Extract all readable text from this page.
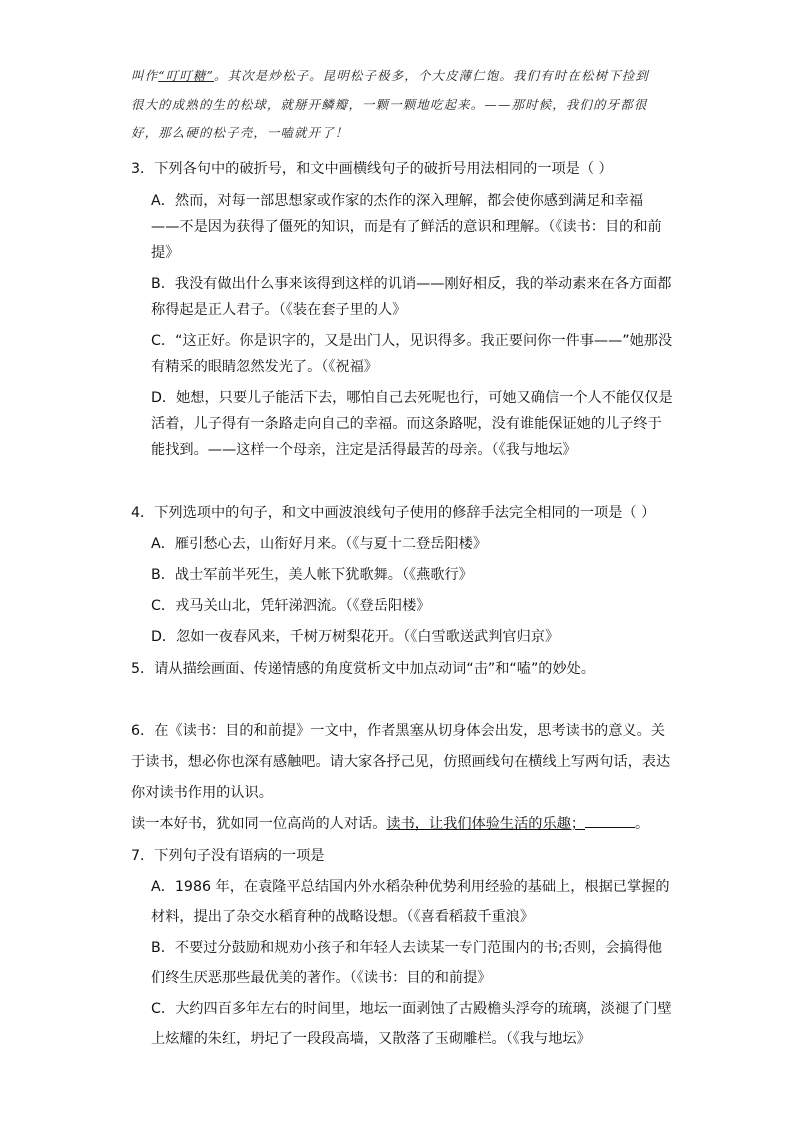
叫作“叮叮糖”。其次是炒松子。昆明松子极多，个大皮薄仁饱。我们有时在松树下捡到

很大的成熟的生的松球，就掰开鳞瓣，一颗一颗地吃起来。——那时候，我们的牙都很

好，那么硬的松子壳，一嗑就开了！

3．下列各句中的破折号，和文中画横线句子的破折号用法相同的一项是（ ）

A．然而，对每一部思想家或作家的杰作的深入理解，都会使你感到满足和幸福

——不是因为获得了僵死的知识，而是有了鲜活的意识和理解。（《读书：目的和前

提》

B．我没有做出什么事来该得到这样的讥诮——刚好相反，我的举动素来在各方面都

称得起是正人君子。（《装在套子里的人》

C．“这正好。你是识字的，又是出门人，见识得多。我正要问你一件事——”她那没

有精采的眼睛忽然发光了。（《祝福》

D．她想，只要儿子能活下去，哪怕自己去死呢也行，可她又确信一个人不能仅仅是

活着，儿子得有一条路走向自己的幸福。而这条路呢，没有谁能保证她的儿子终于

能找到。——这样一个母亲，注定是活得最苦的母亲。（《我与地坛》

4．下列选项中的句子，和文中画波浪线句子使用的修辞手法完全相同的一项是（ ）

A．雁引愁心去，山衔好月来。（《与夏十二登岳阳楼》

B．战士军前半死生，美人帐下犹歌舞。（《燕歌行》

C．戎马关山北，凭轩涕泗流。（《登岳阳楼》

D．忽如一夜春风来，千树万树梨花开。（《白雪歌送武判官归京》

5．请从描绘画面、传递情感的角度赏析文中加点动词“击”和“嗑”的妙处。

6．在《读书：目的和前提》一文中，作者黑塞从切身体会出发，思考读书的意义。关

于读书，想必你也深有感触吧。请大家各抒己见，仿照画线句在横线上写两句话，表达

你对读书作用的认识。

读一本好书，犹如同一位高尚的人对话。读书，让我们体验生活的乐趣；	。

7．下列句子没有语病的一项是

A．1986 年，在袁隆平总结国内外水稻杂种优势利用经验的基础上，根据已掌握的

材料，提出了杂交水稻育种的战略设想。（《喜看稻菽千重浪》

B．不要过分鼓励和规劝小孩子和年轻人去读某一专门范围内的书;否则，会搞得他

们终生厌恶那些最优美的著作。（《读书：目的和前提》

C．大约四百多年左右的时间里，地坛一面剥蚀了古殿檐头浮夸的琉璃，淡褪了门壁

上炫耀的朱红，坍圮了一段段高墙，又散落了玉砌雕栏。（《我与地坛》
